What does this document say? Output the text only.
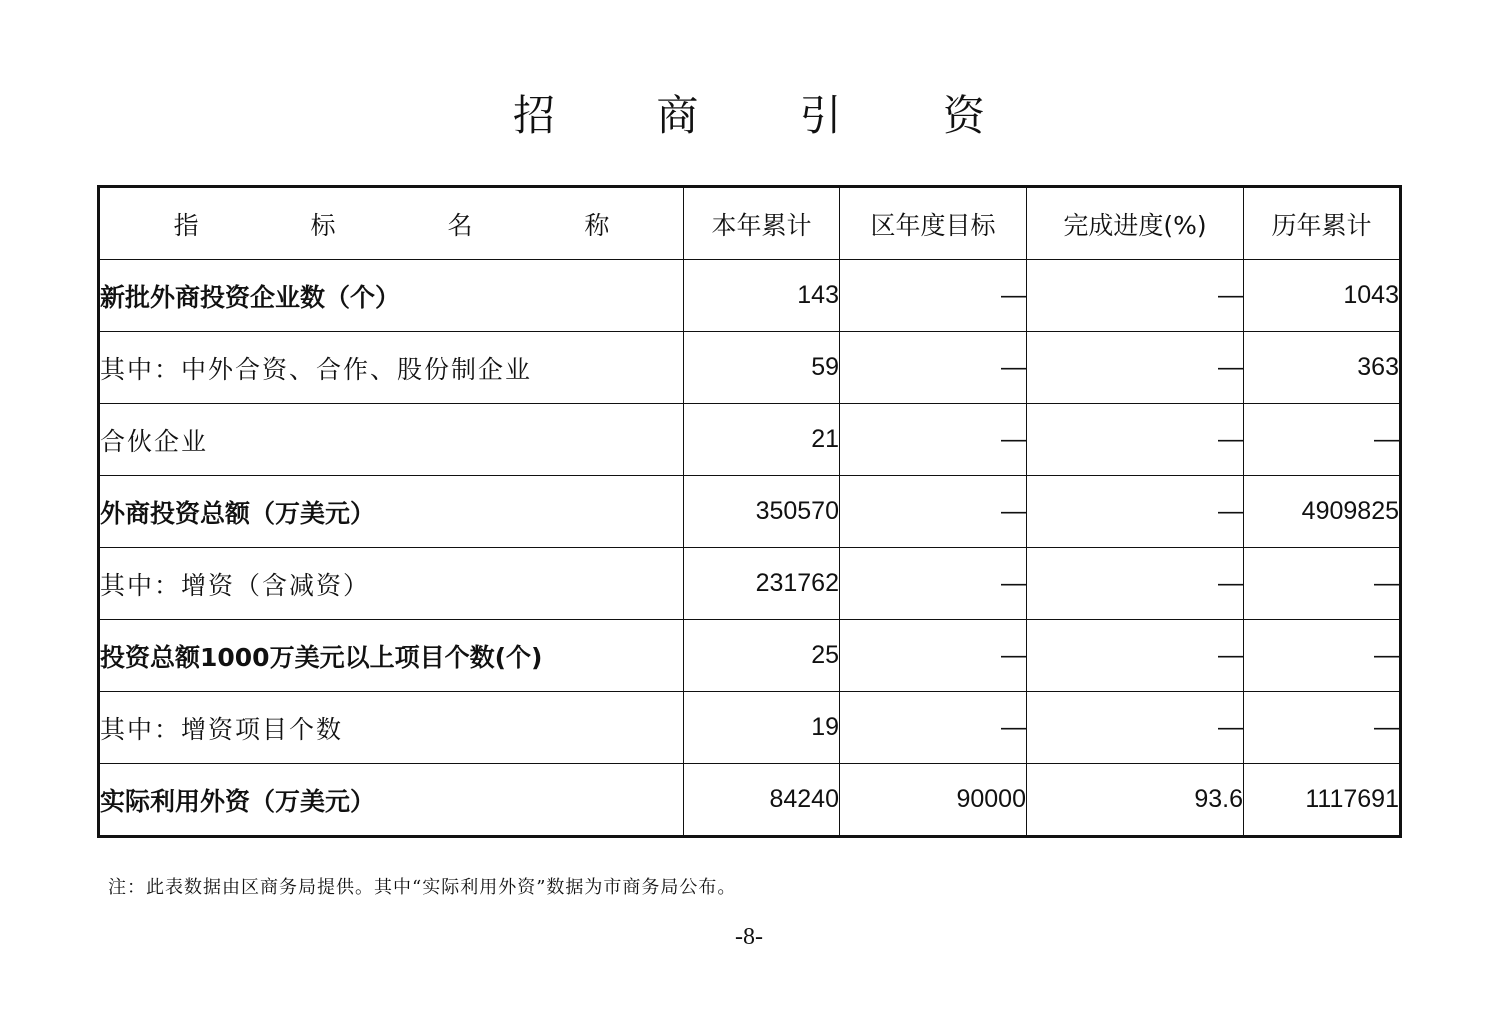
招 商 引 资
指 标 名 称	本年累计	区年度目标	完成进度(%)	历年累计
新批外商投资企业数（个）	143	—	—	1043
其中：中外合资、合作、股份制企业	59	—	—	363
合伙企业	21	—	—	—
外商投资总额（万美元）	350570	—	—	4909825
其中：增资（含减资）	231762	—	—	—
投资总额1000万美元以上项目个数(个)	25	—	—	—
其中：增资项目个数	19	—	—	—
实际利用外资（万美元）	84240	90000	93.6	1117691
注：此表数据由区商务局提供。其中“实际利用外资”数据为市商务局公布。
-8-
